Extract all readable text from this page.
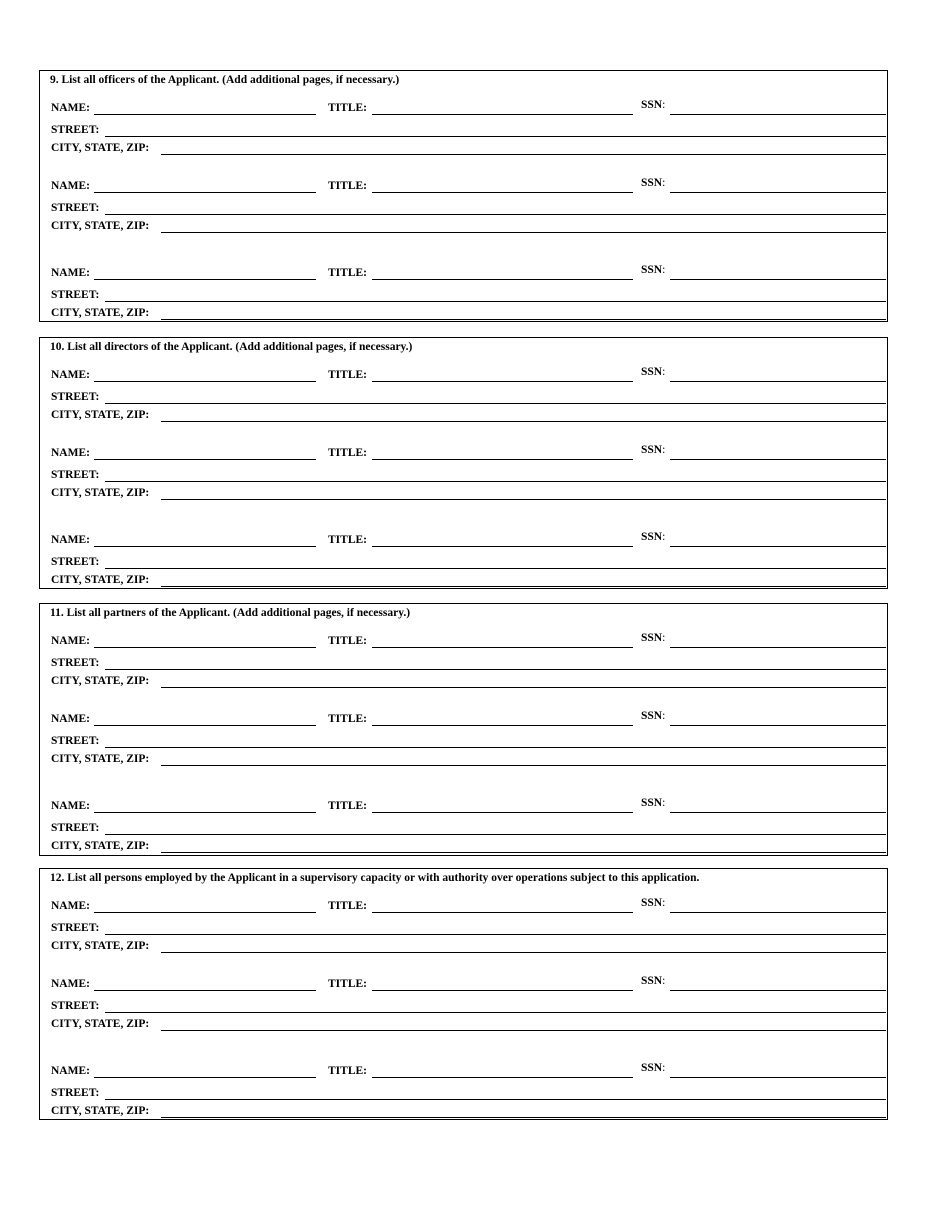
9. List all officers of the Applicant. (Add additional pages, if necessary.)
NAME:	TITLE:	SSN:
STREET:
CITY, STATE, ZIP:
NAME:	TITLE:	SSN:
STREET:
CITY, STATE, ZIP:
NAME:	TITLE:	SSN:
STREET:
CITY, STATE, ZIP:
10. List all directors of the Applicant. (Add additional pages, if necessary.)
NAME:	TITLE:	SSN:
STREET:
CITY, STATE, ZIP:
NAME:	TITLE:	SSN:
STREET:
CITY, STATE, ZIP:
NAME:	TITLE:	SSN:
STREET:
CITY, STATE, ZIP:
11. List all partners of the Applicant. (Add additional pages, if necessary.)
NAME:	TITLE:	SSN:
STREET:
CITY, STATE, ZIP:
NAME:	TITLE:	SSN:
STREET:
CITY, STATE, ZIP:
NAME:	TITLE:	SSN:
STREET:
CITY, STATE, ZIP:
12. List all persons employed by the Applicant in a supervisory capacity or with authority over operations subject to this application.
NAME:	TITLE:	SSN:
STREET:
CITY, STATE, ZIP:
NAME:	TITLE:	SSN:
STREET:
CITY, STATE, ZIP:
NAME:	TITLE:	SSN:
STREET:
CITY, STATE, ZIP:
